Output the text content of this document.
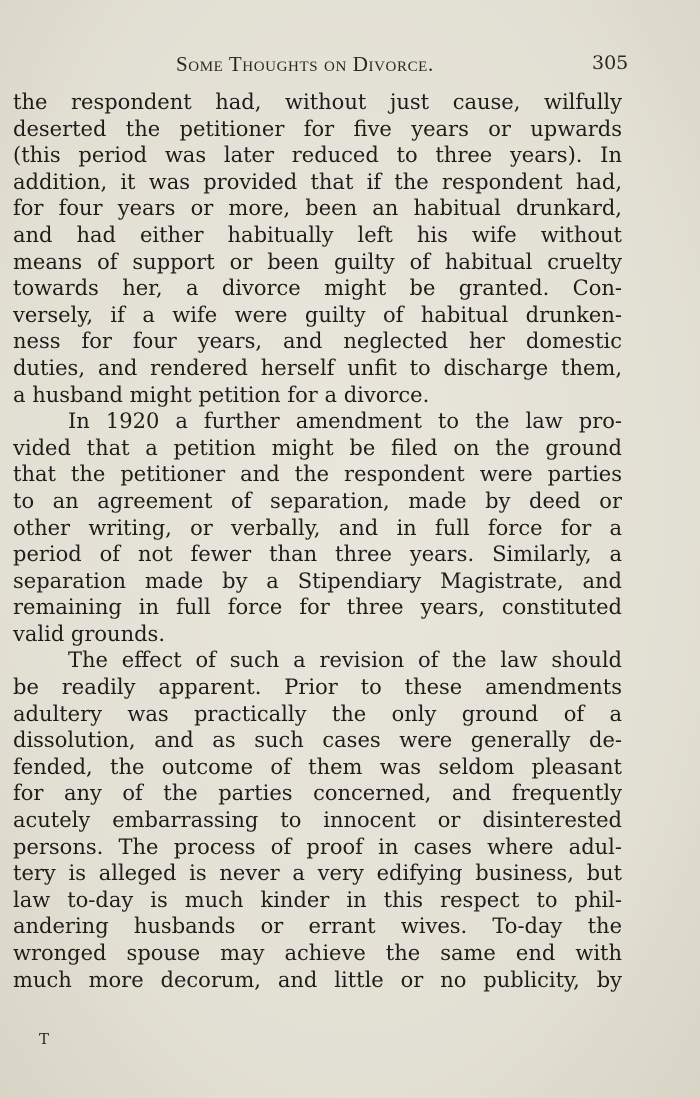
Some Thoughts on Divorce.	305
the respondent had, without just cause, wilfully
deserted the petitioner for five years or upwards
(this period was later reduced to three years). In
addition, it was provided that if the respondent had,
for four years or more, been an habitual drunkard,
and had either habitually left his wife without
means of support or been guilty of habitual cruelty
towards her, a divorce might be granted. Con-
versely, if a wife were guilty of habitual drunken-
ness for four years, and neglected her domestic
duties, and rendered herself unfit to discharge them,
a husband might petition for a divorce.
In 1920 a further amendment to the law pro-
vided that a petition might be filed on the ground
that the petitioner and the respondent were parties
to an agreement of separation, made by deed or
other writing, or verbally, and in full force for a
period of not fewer than three years. Similarly, a
separation made by a Stipendiary Magistrate, and
remaining in full force for three years, constituted
valid grounds.
The effect of such a revision of the law should
be readily apparent. Prior to these amendments
adultery was practically the only ground of a
dissolution, and as such cases were generally de-
fended, the outcome of them was seldom pleasant
for any of the parties concerned, and frequently
acutely embarrassing to innocent or disinterested
persons. The process of proof in cases where adul-
tery is alleged is never a very edifying business, but
law to-day is much kinder in this respect to phil-
andering husbands or errant wives. To-day the
wronged spouse may achieve the same end with
much more decorum, and little or no publicity, by
T
